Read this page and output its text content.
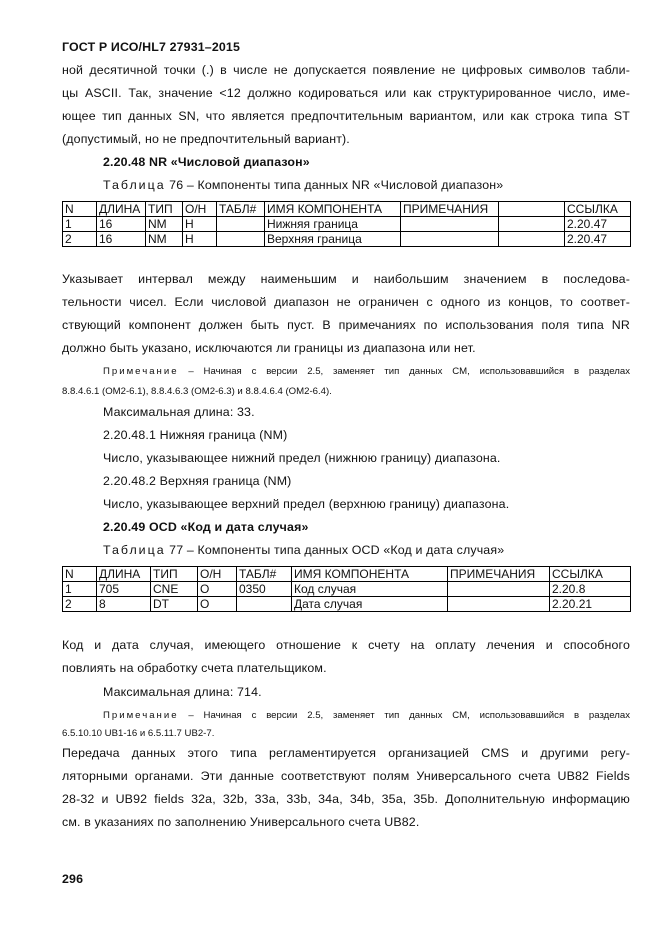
ГОСТ Р ИСО/HL7 27931–2015
ной десятичной точки (.) в числе не допускается появление не цифровых символов табли-
цы ASCII. Так, значение <12 должно кодироваться или как структурированное число, име-
ющее тип данных SN, что является предпочтительным вариантом, или как строка типа ST
(допустимый, но не предпочтительный вариант).
2.20.48 NR «Числовой диапазон»
Таблица 76 – Компоненты типа данных NR «Числовой диапазон»
N	ДЛИНА	ТИП	О/Н	ТАБЛ#	ИМЯ КОМПОНЕНТА	ПРИМЕЧАНИЯ		ССЫЛКА
1	16	NM	Н		Нижняя граница			2.20.47
2	16	NM	Н		Верхняя граница			2.20.47
Указывает интервал между наименьшим и наибольшим значением в последова-
тельности чисел. Если числовой диапазон не ограничен с одного из концов, то соответ-
ствующий компонент должен быть пуст. В примечаниях по использования поля типа NR
должно быть указано, исключаются ли границы из диапазона или нет.
Примечание – Начиная с версии 2.5, заменяет тип данных CM, использовавшийся в разделах
8.8.4.6.1 (ОМ2-6.1), 8.8.4.6.3 (ОМ2-6.3) и 8.8.4.6.4 (ОМ2-6.4).
Максимальная длина: 33.
2.20.48.1 Нижняя граница (NM)
Число, указывающее нижний предел (нижнюю границу) диапазона.
2.20.48.2 Верхняя граница (NM)
Число, указывающее верхний предел (верхнюю границу) диапазона.
2.20.49 OCD «Код и дата случая»
Таблица 77 – Компоненты типа данных OCD «Код и дата случая»
N	ДЛИНА	ТИП	О/Н	ТАБЛ#	ИМЯ КОМПОНЕНТА	ПРИМЕЧАНИЯ	ССЫЛКА
1	705	CNE	O	0350	Код случая		2.20.8
2	8	DT	O		Дата случая		2.20.21
Код и дата случая, имеющего отношение к счету на оплату лечения и способного
повлиять на обработку счета плательщиком.
Максимальная длина: 714.
Примечание – Начиная с версии 2.5, заменяет тип данных CM, использовавшийся в разделах
6.5.10.10 UB1-16 и 6.5.11.7 UB2-7.
Передача данных этого типа регламентируется организацией CMS и другими регу-
ляторными органами. Эти данные соответствуют полям Универсального счета UB82 Fields
28-32 и UB92 fields 32a, 32b, 33a, 33b, 34a, 34b, 35a, 35b. Дополнительную информацию
см. в указаниях по заполнению Универсального счета UB82.
296
